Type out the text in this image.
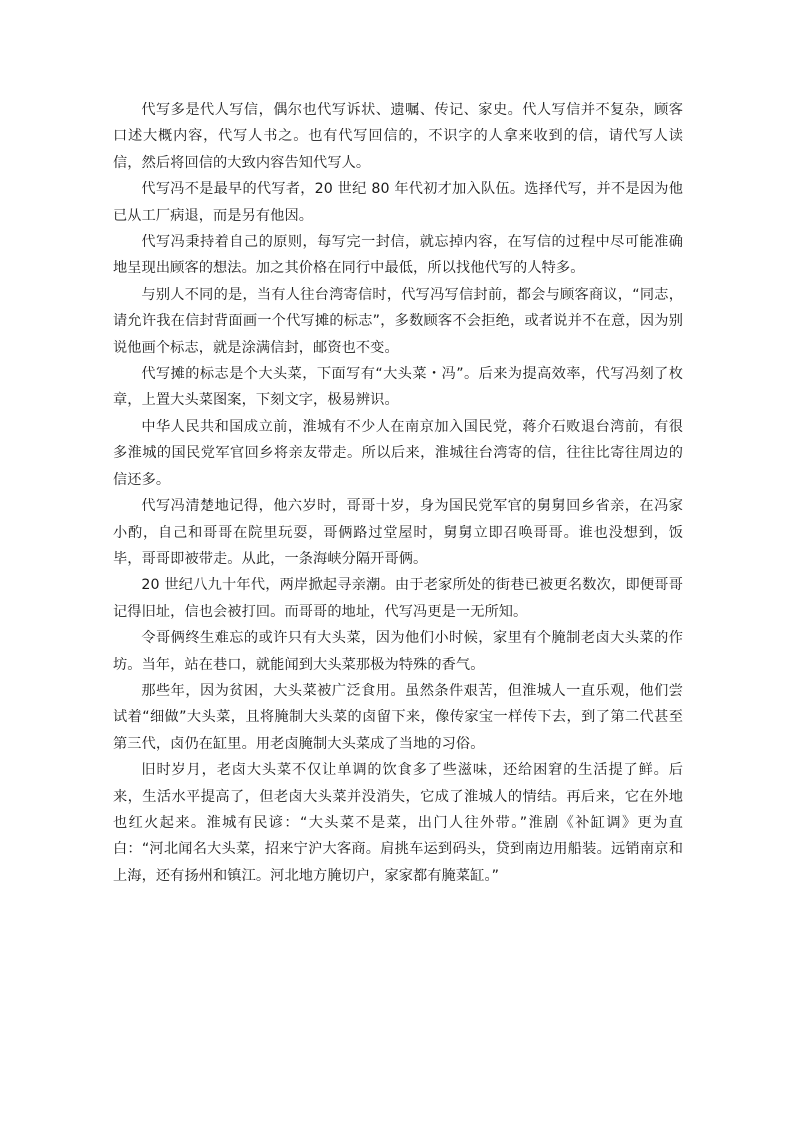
代写多是代人写信，偶尔也代写诉状、遗嘱、传记、家史。代人写信并不复杂，顾客口述大概内容，代写人书之。也有代写回信的，不识字的人拿来收到的信，请代写人读信，然后将回信的大致内容告知代写人。

代写冯不是最早的代写者，20 世纪 80 年代初才加入队伍。选择代写，并不是因为他已从工厂病退，而是另有他因。

代写冯秉持着自己的原则，每写完一封信，就忘掉内容，在写信的过程中尽可能准确地呈现出顾客的想法。加之其价格在同行中最低，所以找他代写的人特多。

与别人不同的是，当有人往台湾寄信时，代写冯写信封前，都会与顾客商议，“同志，请允许我在信封背面画一个代写摊的标志”，多数顾客不会拒绝，或者说并不在意，因为别说他画个标志，就是涂满信封，邮资也不变。

代写摊的标志是个大头菜，下面写有“大头菜・冯”。后来为提高效率，代写冯刻了枚章，上置大头菜图案，下刻文字，极易辨识。

中华人民共和国成立前，淮城有不少人在南京加入国民党，蒋介石败退台湾前，有很多淮城的国民党军官回乡将亲友带走。所以后来，淮城往台湾寄的信，往往比寄往周边的信还多。

代写冯清楚地记得，他六岁时，哥哥十岁，身为国民党军官的舅舅回乡省亲，在冯家小酌，自己和哥哥在院里玩耍，哥俩路过堂屋时，舅舅立即召唤哥哥。谁也没想到，饭毕，哥哥即被带走。从此，一条海峡分隔开哥俩。

20 世纪八九十年代，两岸掀起寻亲潮。由于老家所处的街巷已被更名数次，即便哥哥记得旧址，信也会被打回。而哥哥的地址，代写冯更是一无所知。

令哥俩终生难忘的或许只有大头菜，因为他们小时候，家里有个腌制老卤大头菜的作坊。当年，站在巷口，就能闻到大头菜那极为特殊的香气。

那些年，因为贫困，大头菜被广泛食用。虽然条件艰苦，但淮城人一直乐观，他们尝试着“细做”大头菜，且将腌制大头菜的卤留下来，像传家宝一样传下去，到了第二代甚至第三代，卤仍在缸里。用老卤腌制大头菜成了当地的习俗。

旧时岁月，老卤大头菜不仅让单调的饮食多了些滋味，还给困窘的生活提了鲜。后来，生活水平提高了，但老卤大头菜并没消失，它成了淮城人的情结。再后来，它在外地也红火起来。淮城有民谚：“大头菜不是菜，出门人往外带。”淮剧《补缸调》更为直白：“河北闻名大头菜，招来宁沪大客商。肩挑车运到码头，贷到南边用船装。远销南京和上海，还有扬州和镇江。河北地方腌切户，家家都有腌菜缸。”
